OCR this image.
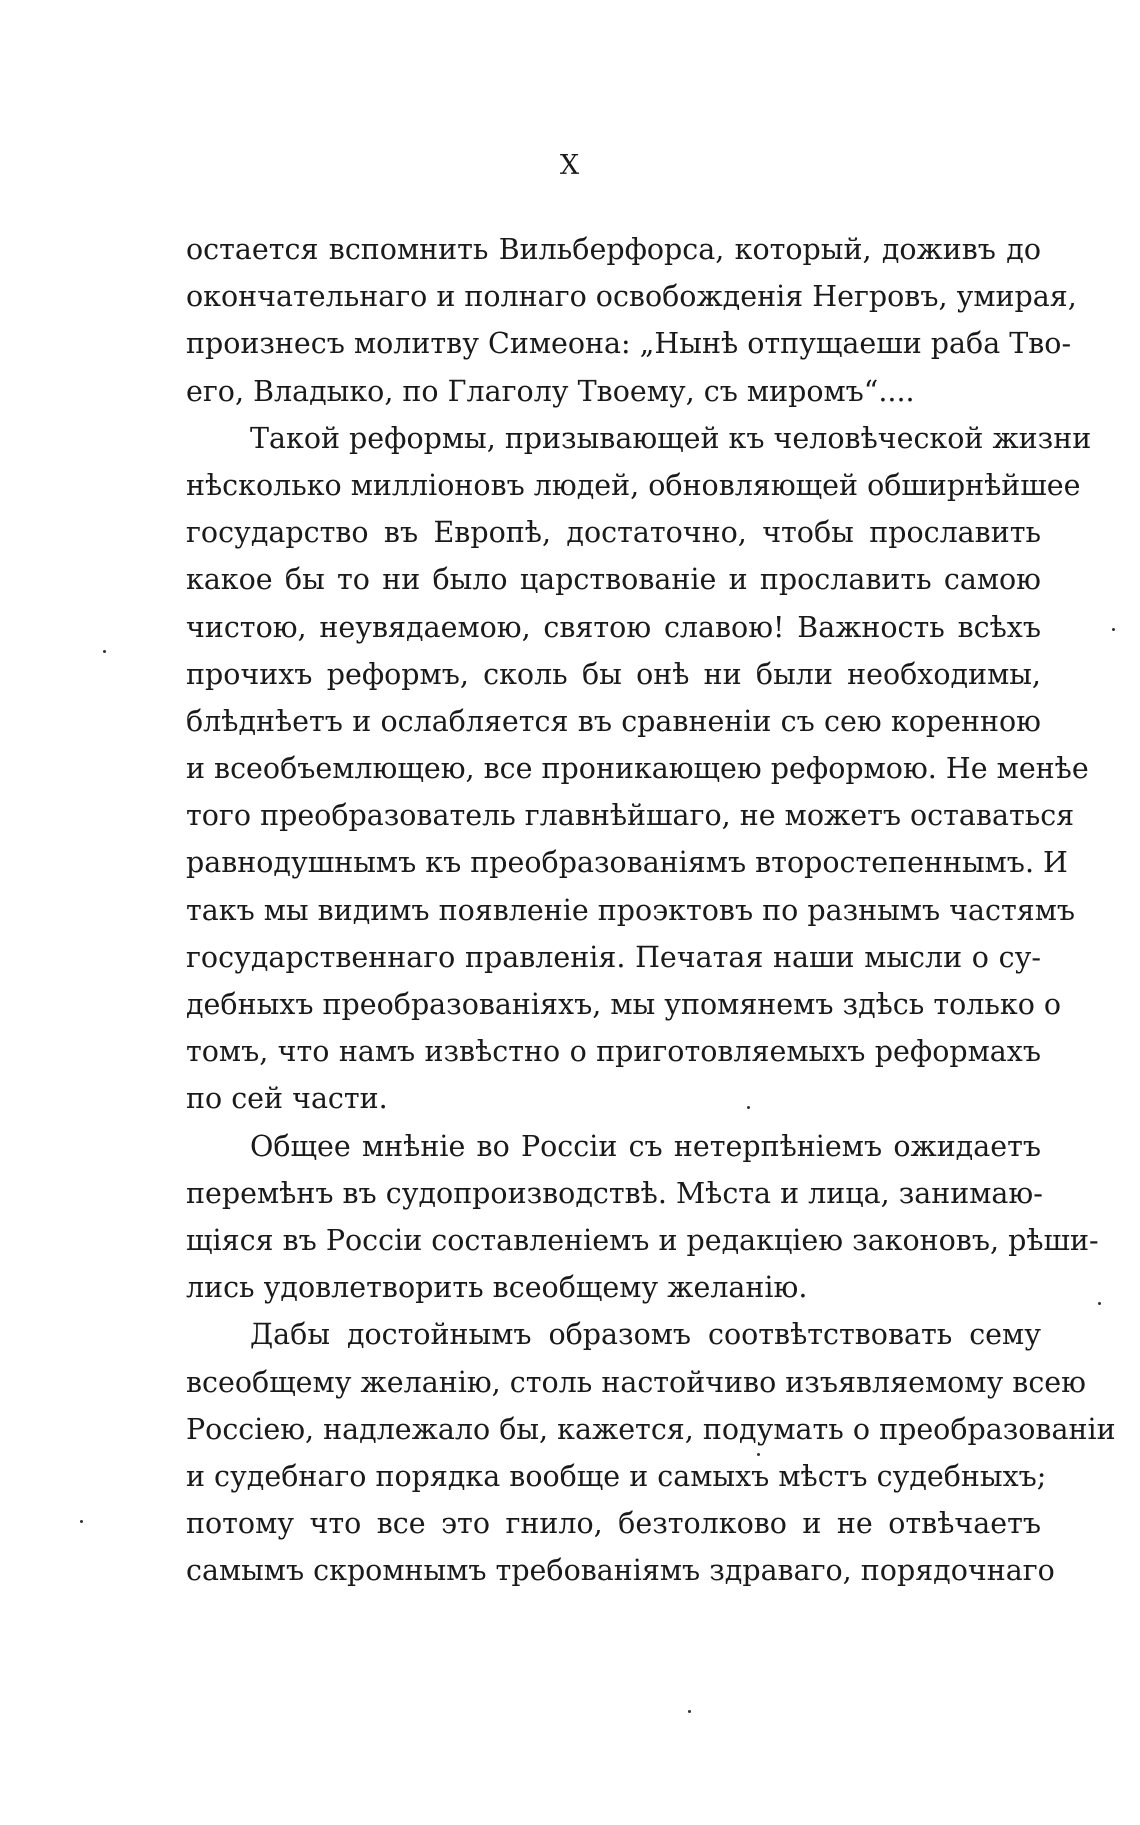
X
остается вспомнить Вильберфорса, который, доживъ до
окончательнаго и полнаго освобожденія Негровъ, умирая,
произнесъ молитву Симеона: „Нынѣ отпущаеши раба Тво-
его, Владыко, по Глаголу Твоему, съ миромъ“....
Такой реформы, призывающей къ человѣческой жизни
нѣсколько милліоновъ людей, обновляющей обширнѣйшее
государство въ Европѣ, достаточно, чтобы прославить
какое бы то ни было царствованіе и прославить самою
чистою, неувядаемою, святою славою! Важность всѣхъ
прочихъ реформъ, сколь бы онѣ ни были необходимы,
блѣднѣетъ и ослабляется въ сравненіи съ сею коренною
и всеобъемлющею, все проникающею реформою. Не менѣе
того преобразователь главнѣйшаго, не можетъ оставаться
равнодушнымъ къ преобразованіямъ второстепеннымъ. И
такъ мы видимъ появленіе проэктовъ по разнымъ частямъ
государственнаго правленія. Печатая наши мысли о су-
дебныхъ преобразованіяхъ, мы упомянемъ здѣсь только о
томъ, что намъ извѣстно о приготовляемыхъ реформахъ
по сей части.
Общее мнѣніе во Россіи съ нетерпѣніемъ ожидаетъ
перемѣнъ въ судопроизводствѣ. Мѣста и лица, занимаю-
щіяся въ Россіи составленіемъ и редакціею законовъ, рѣши-
лись удовлетворить всеобщему желанію.
Дабы достойнымъ образомъ соотвѣтствовать сему
всеобщему желанію, столь настойчиво изъявляемому всею
Россіею, надлежало бы, кажется, подумать о преобразованіи
и судебнаго порядка вообще и самыхъ мѣстъ судебныхъ;
потому что все это гнило, безтолково и не отвѣчаетъ
самымъ скромнымъ требованіямъ здраваго, порядочнаго
